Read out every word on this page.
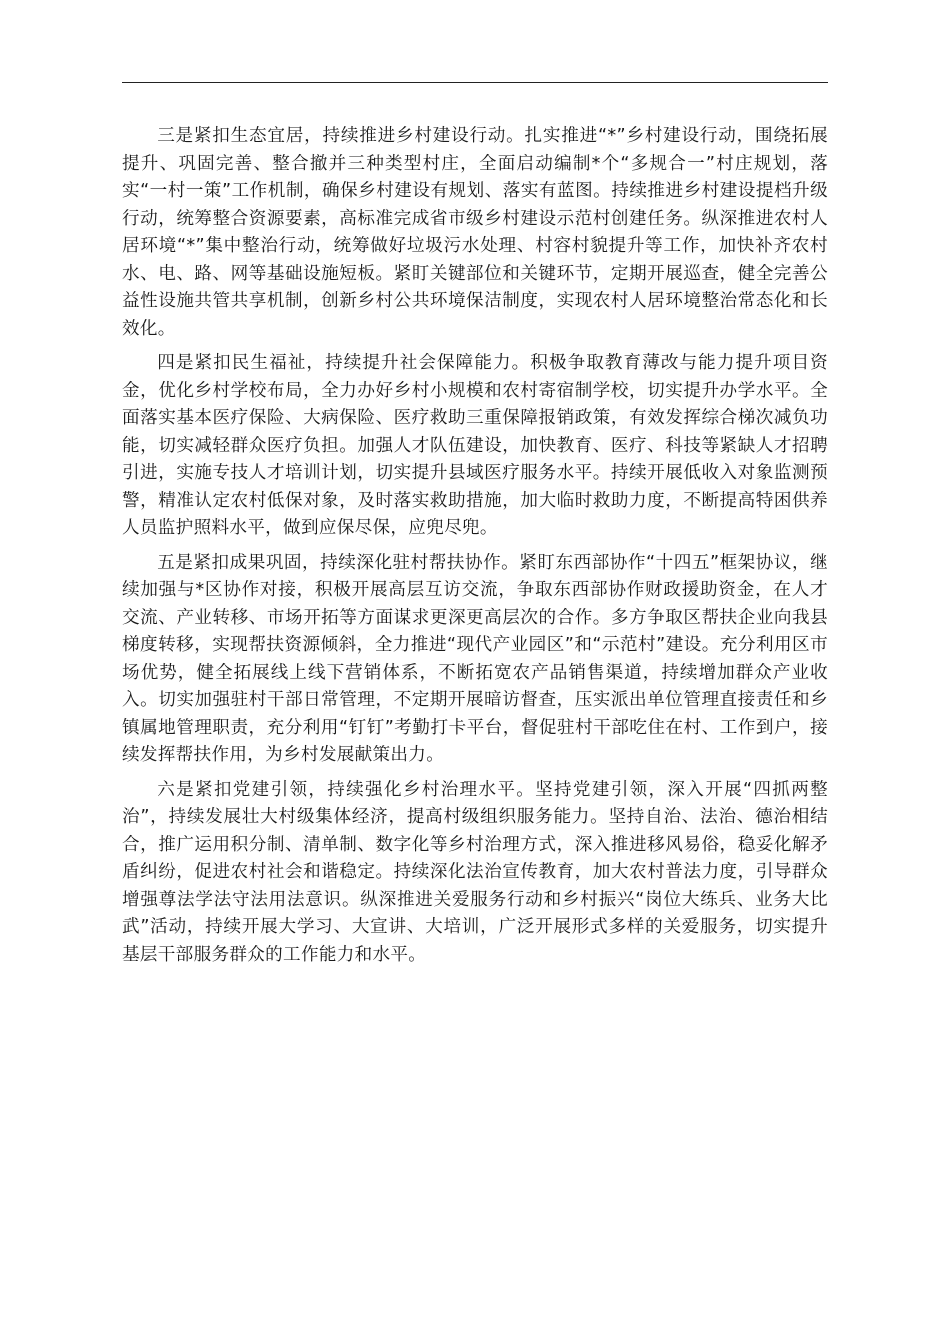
三是紧扣生态宜居，持续推进乡村建设行动。扎实推进“*”乡村建设行动，围绕拓展提升、巩固完善、整合撤并三种类型村庄，全面启动编制*个“多规合一”村庄规划，落实“一村一策”工作机制，确保乡村建设有规划、落实有蓝图。持续推进乡村建设提档升级行动，统筹整合资源要素，高标准完成省市级乡村建设示范村创建任务。纵深推进农村人居环境“*”集中整治行动，统筹做好垃圾污水处理、村容村貌提升等工作，加快补齐农村水、电、路、网等基础设施短板。紧盯关键部位和关键环节，定期开展巡查，健全完善公益性设施共管共享机制，创新乡村公共环境保洁制度，实现农村人居环境整治常态化和长效化。

四是紧扣民生福祉，持续提升社会保障能力。积极争取教育薄改与能力提升项目资金，优化乡村学校布局，全力办好乡村小规模和农村寄宿制学校，切实提升办学水平。全面落实基本医疗保险、大病保险、医疗救助三重保障报销政策，有效发挥综合梯次减负功能，切实减轻群众医疗负担。加强人才队伍建设，加快教育、医疗、科技等紧缺人才招聘引进，实施专技人才培训计划，切实提升县域医疗服务水平。持续开展低收入对象监测预警，精准认定农村低保对象，及时落实救助措施，加大临时救助力度，不断提高特困供养人员监护照料水平，做到应保尽保，应兜尽兜。

五是紧扣成果巩固，持续深化驻村帮扶协作。紧盯东西部协作“十四五”框架协议，继续加强与*区协作对接，积极开展高层互访交流，争取东西部协作财政援助资金，在人才交流、产业转移、市场开拓等方面谋求更深更高层次的合作。多方争取区帮扶企业向我县梯度转移，实现帮扶资源倾斜，全力推进“现代产业园区”和“示范村”建设。充分利用区市场优势，健全拓展线上线下营销体系，不断拓宽农产品销售渠道，持续增加群众产业收入。切实加强驻村干部日常管理，不定期开展暗访督查，压实派出单位管理直接责任和乡镇属地管理职责，充分利用“钉钉”考勤打卡平台，督促驻村干部吃住在村、工作到户，接续发挥帮扶作用，为乡村发展献策出力。

六是紧扣党建引领，持续强化乡村治理水平。坚持党建引领，深入开展“四抓两整治”，持续发展壮大村级集体经济，提高村级组织服务能力。坚持自治、法治、德治相结合，推广运用积分制、清单制、数字化等乡村治理方式，深入推进移风易俗，稳妥化解矛盾纠纷，促进农村社会和谐稳定。持续深化法治宣传教育，加大农村普法力度，引导群众增强尊法学法守法用法意识。纵深推进关爱服务行动和乡村振兴“岗位大练兵、业务大比武”活动，持续开展大学习、大宣讲、大培训，广泛开展形式多样的关爱服务，切实提升基层干部服务群众的工作能力和水平。
